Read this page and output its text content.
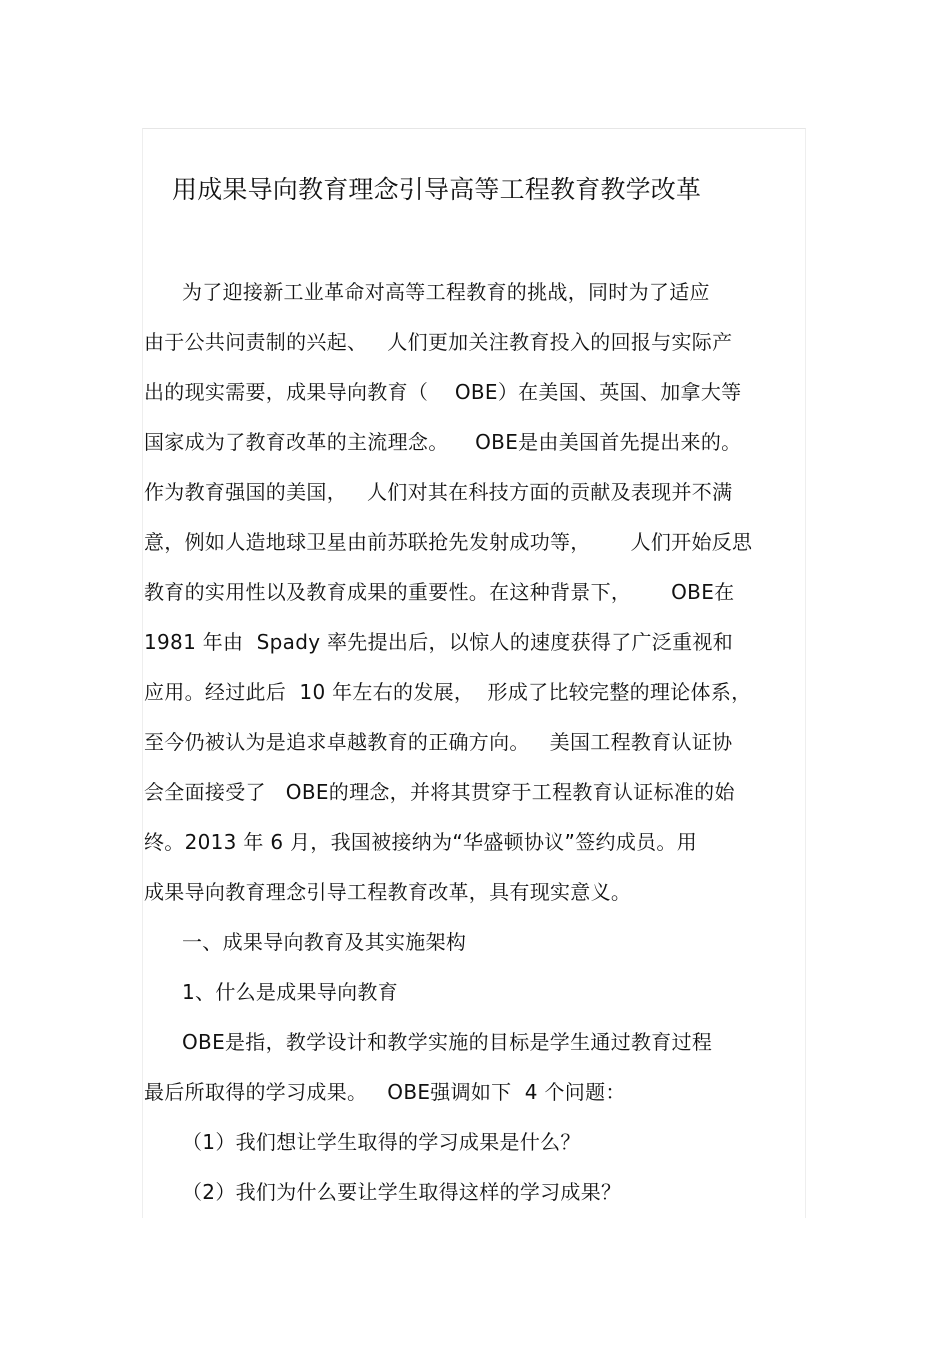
用成果导向教育理念引导高等工程教育教学改革
为了迎接新工业革命对高等工程教育的挑战，同时为了适应
由于公共问责制的兴起、   人们更加关注教育投入的回报与实际产
出的现实需要，成果导向教育（    OBE）在美国、英国、加拿大等
国家成为了教育改革的主流理念。    OBE是由美国首先提出来的。
作为教育强国的美国，   人们对其在科技方面的贡献及表现并不满
意，例如人造地球卫星由前苏联抢先发射成功等，      人们开始反思
教育的实用性以及教育成果的重要性。在这种背景下，      OBE在
1981 年由  Spady 率先提出后，以惊人的速度获得了广泛重视和
应用。经过此后  10 年左右的发展，  形成了比较完整的理论体系，
至今仍被认为是追求卓越教育的正确方向。   美国工程教育认证协
会全面接受了   OBE的理念，并将其贯穿于工程教育认证标准的始
终。2013 年 6 月，我国被接纳为“华盛顿协议”签约成员。用
成果导向教育理念引导工程教育改革，具有现实意义。
一、成果导向教育及其实施架构
1、什么是成果导向教育
OBE是指，教学设计和教学实施的目标是学生通过教育过程
最后所取得的学习成果。   OBE强调如下  4 个问题：
（1）我们想让学生取得的学习成果是什么？
（2）我们为什么要让学生取得这样的学习成果？
